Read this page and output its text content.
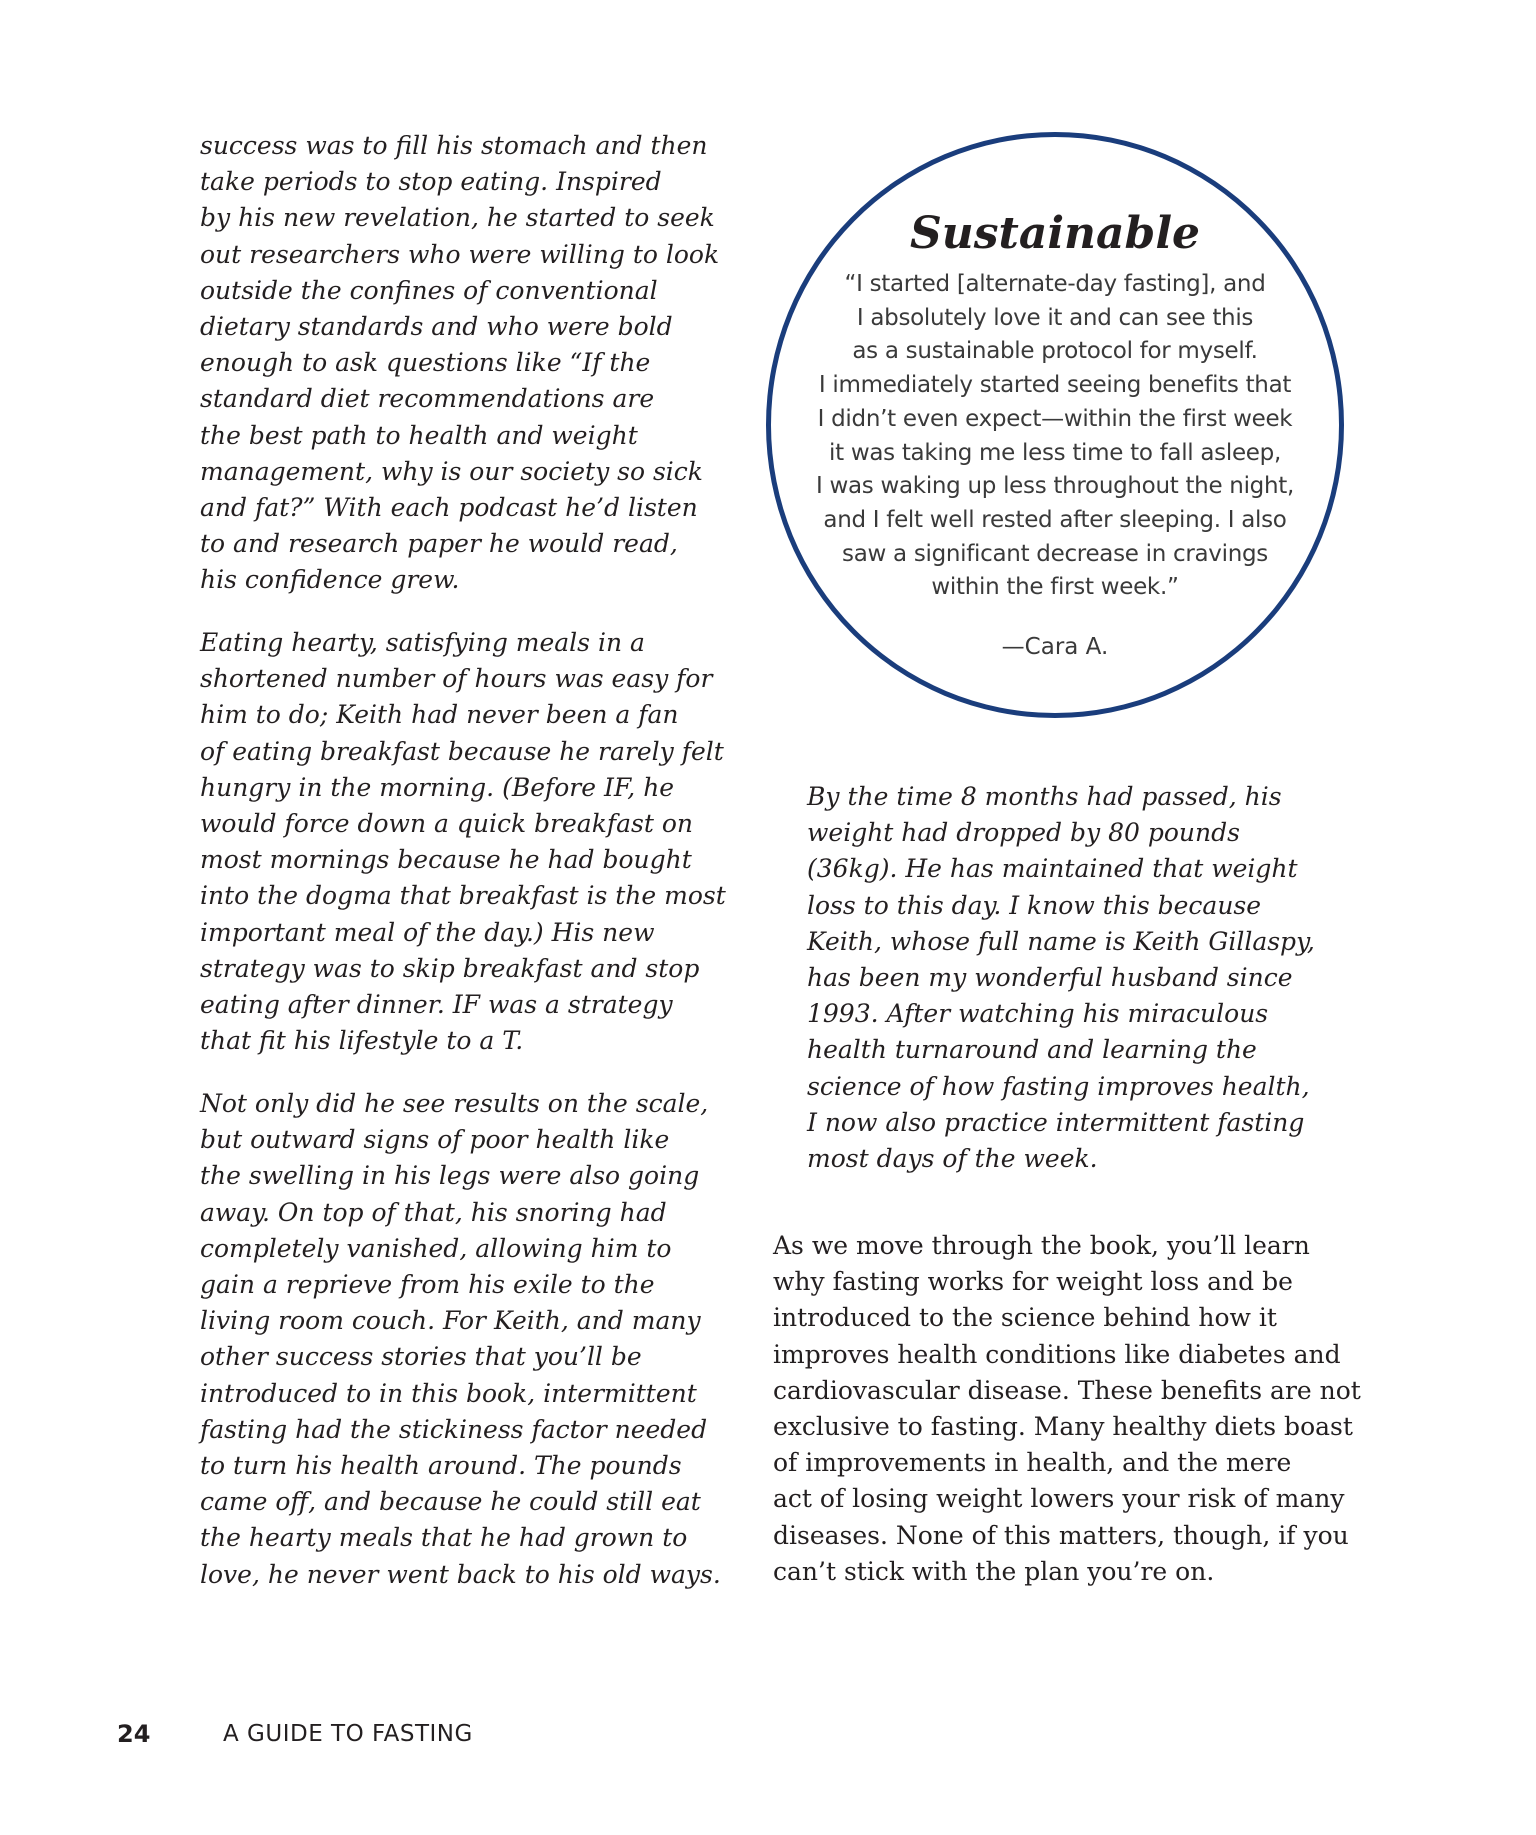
success was to fill his stomach and then
take periods to stop eating. Inspired
by his new revelation, he started to seek
out researchers who were willing to look
outside the confines of conventional
dietary standards and who were bold
enough to ask questions like “If the
standard diet recommendations are
the best path to health and weight
management, why is our society so sick
and fat?” With each podcast he’d listen
to and research paper he would read,
his confidence grew.

Eating hearty, satisfying meals in a
shortened number of hours was easy for
him to do; Keith had never been a fan
of eating breakfast because he rarely felt
hungry in the morning. (Before IF, he
would force down a quick breakfast on
most mornings because he had bought
into the dogma that breakfast is the most
important meal of the day.) His new
strategy was to skip breakfast and stop
eating after dinner. IF was a strategy
that fit his lifestyle to a T.

Not only did he see results on the scale,
but outward signs of poor health like
the swelling in his legs were also going
away. On top of that, his snoring had
completely vanished, allowing him to
gain a reprieve from his exile to the
living room couch. For Keith, and many
other success stories that you’ll be
introduced to in this book, intermittent
fasting had the stickiness factor needed
to turn his health around. The pounds
came off, and because he could still eat
the hearty meals that he had grown to
love, he never went back to his old ways.

Sustainable

“I started [alternate-day fasting], and
I absolutely love it and can see this
as a sustainable protocol for myself.
I immediately started seeing benefits that
I didn’t even expect—within the first week
it was taking me less time to fall asleep,
I was waking up less throughout the night,
and I felt well rested after sleeping. I also
saw a significant decrease in cravings
within the first week.”

—Cara A.

By the time 8 months had passed, his
weight had dropped by 80 pounds
(36kg). He has maintained that weight
loss to this day. I know this because
Keith, whose full name is Keith Gillaspy,
has been my wonderful husband since
1993. After watching his miraculous
health turnaround and learning the
science of how fasting improves health,
I now also practice intermittent fasting
most days of the week.

As we move through the book, you’ll learn
why fasting works for weight loss and be
introduced to the science behind how it
improves health conditions like diabetes and
cardiovascular disease. These benefits are not
exclusive to fasting. Many healthy diets boast
of improvements in health, and the mere
act of losing weight lowers your risk of many
diseases. None of this matters, though, if you
can’t stick with the plan you’re on.

24	A GUIDE TO FASTING
